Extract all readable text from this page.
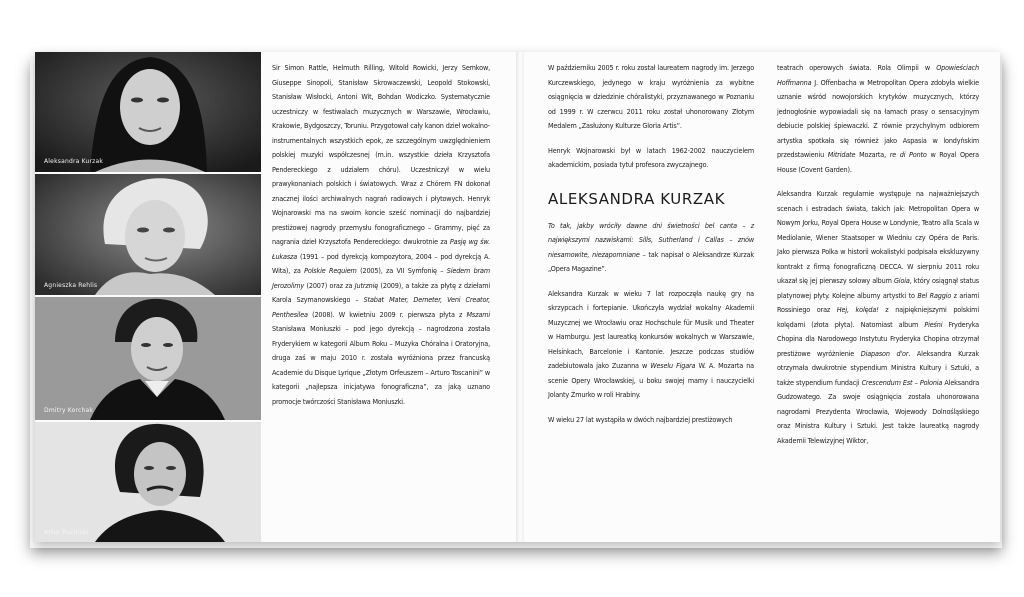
Aleksandra Kurzak
Agnieszka Rehlis
Dmitry Korchak
Artur Rucinski

Sir Simon Rattle, Helmuth Rilling, Witold Rowicki, Jerzy Semkow, Giuseppe Sinopoli, Stanisław Skrowaczewski, Leopold Stokowski, Stanisław Wisłocki, Antoni Wit, Bohdan Wodiczko. Systematycznie uczestniczy w festiwalach muzycznych w Warszawie, Wrocławiu, Krakowie, Bydgoszczy, Toruniu. Przygotował cały kanon dzieł wokalno-instrumentalnych wszystkich epok, ze szczególnym uwzględnieniem polskiej muzyki współczesnej (m.in. wszystkie dzieła Krzysztofa Pendereckiego z udziałem chóru). Uczestniczył w wielu prawykonaniach polskich i światowych. Wraz z Chórem FN dokonał znacznej ilości archiwalnych nagrań radiowych i płytowych. Henryk Wojnarowski ma na swoim koncie sześć nominacji do najbardziej prestiżowej nagrody przemysłu fonograficznego – Grammy, pięć za nagrania dzieł Krzysztofa Pendereckiego: dwukrotnie za Pasję wg św. Łukasza (1991 – pod dyrekcją kompozytora, 2004 – pod dyrekcją A. Wita), za Polskie Requiem (2005), za VII Symfonię – Siedem bram Jerozolimy (2007) oraz za Jutrznię (2009), a także za płytę z dziełami Karola Szymanowskiego – Stabat Mater, Demeter, Veni Creator, Penthesilea (2008). W kwietniu 2009 r. pierwsza płyta z Mszami Stanisława Moniuszki – pod jego dyrekcją – nagrodzona została Fryderykiem w kategorii Album Roku – Muzyka Chóralna i Oratoryjna, druga zaś w maju 2010 r. została wyróżniona przez francuską Academie du Disque Lyrique „Złotym Orfeuszem – Arturo Toscanini” w kategorii „najlepsza inicjatywa fonograficzna”, za jaką uznano promocje twórczości Stanisława Moniuszki.

W październiku 2005 r. roku został laureatem nagrody im. Jerzego Kurczewskiego, jedynego w kraju wyróżnienia za wybitne osiągnięcia w dziedzinie chóralistyki, przyznawanego w Poznaniu od 1999 r. W czerwcu 2011 roku został uhonorowany Złotym Medalem „Zasłużony Kulturze Gloria Artis”.

Henryk Wojnarowski był w latach 1962-2002 nauczycielem akademickim, posiada tytuł profesora zwyczajnego.

ALEKSANDRA KURZAK

To tak, jakby wróciły dawne dni świetności bel canta – z największymi nazwiskami: Sills, Sutherland i Callas – znów niesamowite, niezapomniane – tak napisał o Aleksandrze Kurzak „Opera Magazine”.

Aleksandra Kurzak w wieku 7 lat rozpoczęła naukę gry na skrzypcach i fortepianie. Ukończyła wydział wokalny Akademii Muzycznej we Wrocławiu oraz Hochschule für Musik und Theater w Hamburgu. Jest laureatką konkursów wokalnych w Warszawie, Helsinkach, Barcelonie i Kantonie. Jeszcze podczas studiów zadebiutowała jako Zuzanna w Weselu Figara W. A. Mozarta na scenie Opery Wrocławskiej, u boku swojej mamy i nauczycielki Jolanty Żmurko w roli Hrabiny.

W wieku 27 lat wystąpiła w dwóch najbardziej prestiżowych

teatrach operowych świata. Rola Olimpii w Opowieściach Hoffmanna J. Offenbacha w Metropolitan Opera zdobyła wielkie uznanie wśród nowojorskich krytyków muzycznych, którzy jednogłośnie wypowiadali się na łamach prasy o sensacyjnym debiucie polskiej śpiewaczki. Z równie przychylnym odbiorem artystka spotkała się również jako Aspasia w londyńskim przedstawieniu Mitridate Mozarta, re di Ponto w Royal Opera House (Covent Garden).

Aleksandra Kurzak regularnie występuje na najważniejszych scenach i estradach świata, takich jak: Metropolitan Opera w Nowym Jorku, Royal Opera House w Londynie, Teatro alla Scala w Mediolanie, Wiener Staatsoper w Wiedniu czy Opéra de Paris. Jako pierwsza Polka w historii wokalistyki podpisała ekskluzywny kontrakt z firmą fonograficzną DECCA. W sierpniu 2011 roku ukazał się jej pierwszy solowy album Gioia, który osiągnął status platynowej płyty. Kolejne albumy artystki to Bel Raggio z ariami Rossiniego oraz Hej, kolęda! z najpiękniejszymi polskimi kolędami (złota płyta). Natomiast album Pieśni Fryderyka Chopina dla Narodowego Instytutu Fryderyka Chopina otrzymał prestiżowe wyróżnienie Diapason d'or. Aleksandra Kurzak otrzymała dwukrotnie stypendium Ministra Kultury i Sztuki, a także stypendium fundacji Crescendum Est – Polonia Aleksandra Gudzowatego. Za swoje osiągnięcia została uhonorowana nagrodami Prezydenta Wrocławia, Wojewody Dolnośląskiego oraz Ministra Kultury i Sztuki. Jest także laureatką nagrody Akademii Telewizyjnej Wiktor,
